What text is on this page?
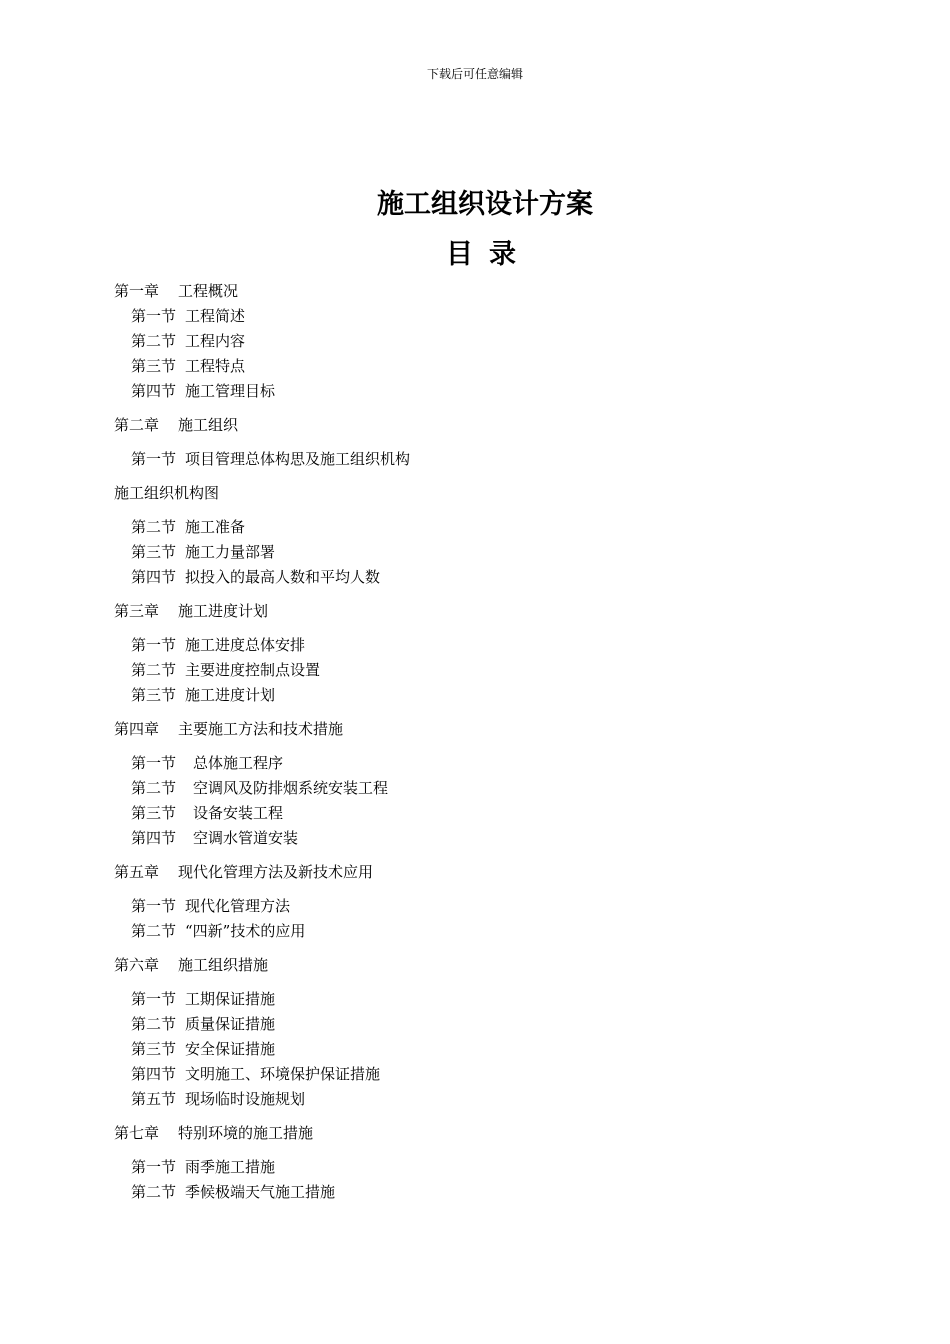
下载后可任意编辑
施工组织设计方案
目录
第一章 工程概况
第一节 工程简述
第二节 工程内容
第三节 工程特点
第四节 施工管理目标
第二章 施工组织
第一节 项目管理总体构思及施工组织机构
施工组织机构图
第二节 施工准备
第三节 施工力量部署
第四节 拟投入的最高人数和平均人数
第三章 施工进度计划
第一节 施工进度总体安排
第二节 主要进度控制点设置
第三节 施工进度计划
第四章 主要施工方法和技术措施
第一节 总体施工程序
第二节 空调风及防排烟系统安装工程
第三节 设备安装工程
第四节 空调水管道安装
第五章 现代化管理方法及新技术应用
第一节 现代化管理方法
第二节 “四新”技术的应用
第六章 施工组织措施
第一节 工期保证措施
第二节 质量保证措施
第三节 安全保证措施
第四节 文明施工、环境保护保证措施
第五节 现场临时设施规划
第七章 特别环境的施工措施
第一节 雨季施工措施
第二节 季候极端天气施工措施
